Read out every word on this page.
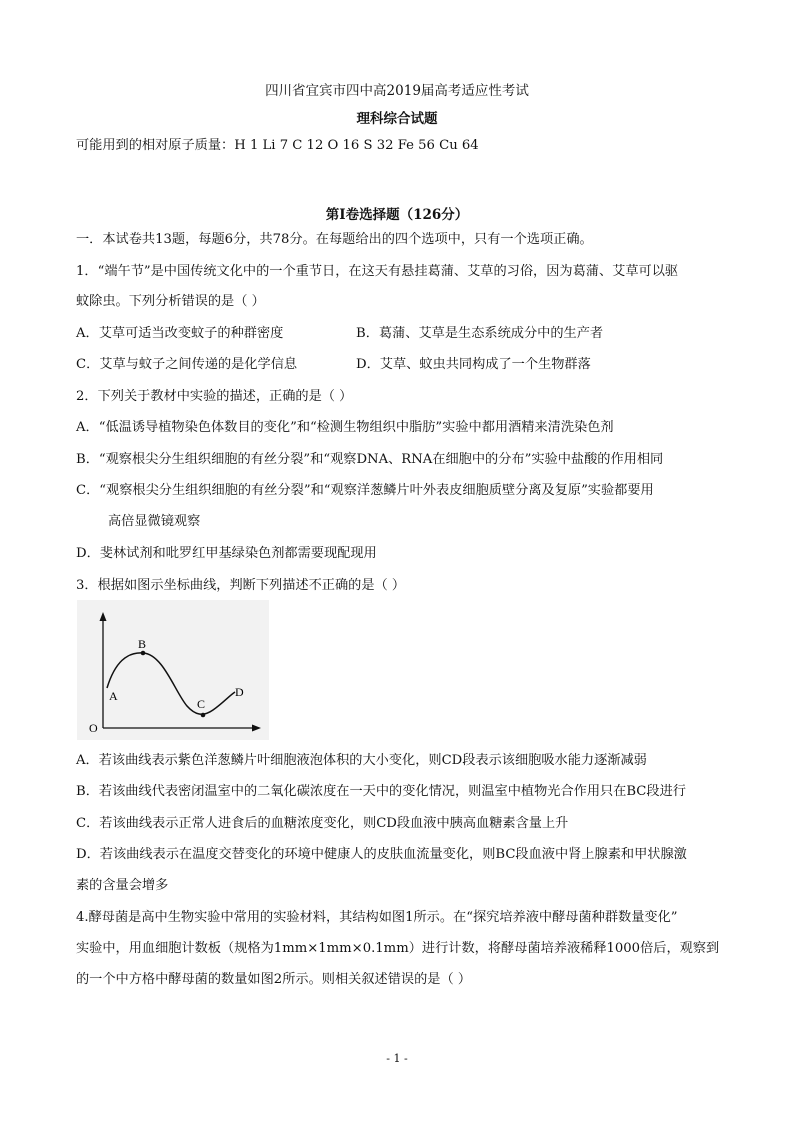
四川省宜宾市四中高2019届高考适应性考试
理科综合试题
可能用到的相对原子质量：H 1 Li 7 C 12 O 16 S 32 Fe 56 Cu 64
第Ⅰ卷选择题（126分）
一．本试卷共13题，每题6分，共78分。在每题给出的四个选项中，只有一个选项正确。
1．“端午节”是中国传统文化中的一个重节日，在这天有悬挂葛蒲、艾草的习俗，因为葛蒲、艾草可以驱
蚊除虫。下列分析错误的是（ ）
A．艾草可适当改变蚊子的种群密度	B．葛蒲、艾草是生态系统成分中的生产者
C．艾草与蚊子之间传递的是化学信息	D．艾草、蚊虫共同构成了一个生物群落
2．下列关于教材中实验的描述，正确的是（ ）
A．“低温诱导植物染色体数目的变化”和“检测生物组织中脂肪”实验中都用酒精来清洗染色剂
B．“观察根尖分生组织细胞的有丝分裂”和“观察DNA、RNA在细胞中的分布”实验中盐酸的作用相同
C．“观察根尖分生组织细胞的有丝分裂”和“观察洋葱鳞片叶外表皮细胞质壁分离及复原”实验都要用
高倍显微镜观察
D．斐林试剂和吡罗红甲基绿染色剂都需要现配现用
3．根据如图示坐标曲线，判断下列描述不正确的是（ ）
O
A
B
C
D
A．若该曲线表示紫色洋葱鳞片叶细胞液泡体积的大小变化，则CD段表示该细胞吸水能力逐渐减弱
B．若该曲线代表密闭温室中的二氧化碳浓度在一天中的变化情况，则温室中植物光合作用只在BC段进行
C．若该曲线表示正常人进食后的血糖浓度变化，则CD段血液中胰高血糖素含量上升
D．若该曲线表示在温度交替变化的环境中健康人的皮肤血流量变化，则BC段血液中肾上腺素和甲状腺激
素的含量会增多
4.酵母菌是高中生物实验中常用的实验材料，其结构如图1所示。在“探究培养液中酵母菌种群数量变化”
实验中，用血细胞计数板（规格为1mm×1mm×0.1mm）进行计数，将酵母菌培养液稀释1000倍后，观察到
的一个中方格中酵母菌的数量如图2所示。则相关叙述错误的是（ ）
- 1 -
